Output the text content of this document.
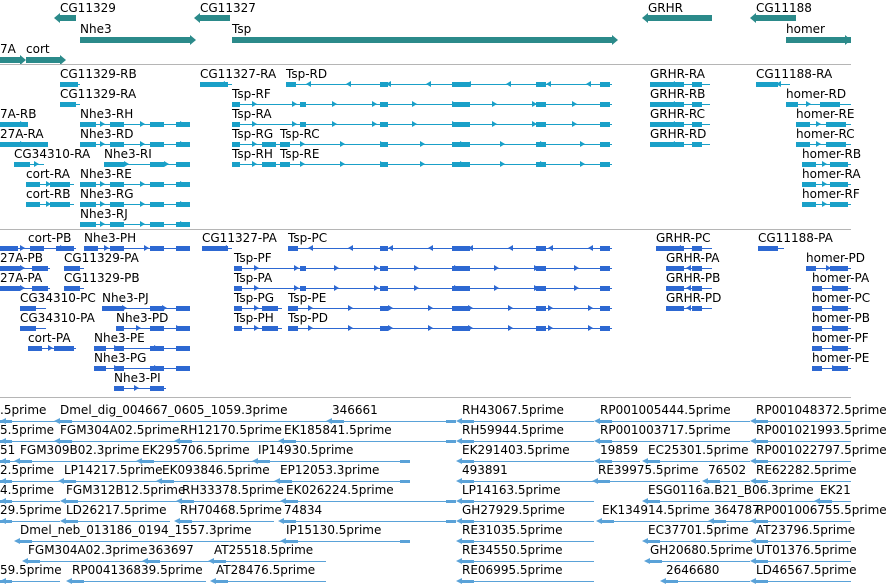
CG11329	CG11327	GRHR	CG11188
Nhe3	Tsp	homer
7A cort
CG11329-RB	CG11327-RA Tsp-RD	GRHR-RA	CG11188-RA
CG11329-RA	Tsp-RF	GRHR-RB	homer-RD
7A-RB	Nhe3-RH	Tsp-RA	GRHR-RC	homer-RE
27A-RA	Nhe3-RD	Tsp-RG Tsp-RC	GRHR-RD	homer-RC
CG34310-RA Nhe3-RI	Tsp-RH Tsp-RE	homer-RB
cort-RA Nhe3-RE	homer-RA
cort-RB Nhe3-RG	homer-RF
Nhe3-RJ
cort-PB Nhe3-PH	CG11327-PA Tsp-PC	GRHR-PC	CG11188-PA
27A-PB CG11329-PA	Tsp-PF	GRHR-PA	homer-PD
27A-PA CG11329-PB	Tsp-PA	GRHR-PB	homer-PA
CG34310-PC Nhe3-PJ	Tsp-PG Tsp-PE	GRHR-PD	homer-PC
CG34310-PA Nhe3-PD	Tsp-PH Tsp-PD	homer-PB
cort-PA Nhe3-PE	homer-PF
Nhe3-PG	homer-PE
Nhe3-PI
.5prime Dmel_dig_004667_0605_1059.3prime	346661	RH43067.5prime	RP001005444.5prime RP001048372.5prime
5.5prime FGM304A02.5prime RH12170.5prime EK185841.5prime	RH59944.5prime	RP001003717.5prime RP001021993.5prime
51 FGM309B02.3prime EK295706.5prime IP14930.5prime	EK291403.5prime	19859 EC25301.5prime RP001022797.5prime
2.5prime LP14217.5prime EK093846.5prime EP12053.3prime	493891	RE39975.5prime 76502 RE62282.5prime
4.5prime FGM312B12.5prime
RH33378.5prime EK026224.5prime	LP14163.5prime	ESG0116a.B21_B06.3prime EK21
29.5prime LD26217.5prime RH70468.5prime 74834	GH27929.5prime	EK134914.5prime 364787
RP001006755.5prime
Dmel_neb_013186_0194_1557.3prime	IP15130.5prime	RE31035.5prime	EC37701.5prime AT23796.5prime
FGM304A02.3prime 363697 AT25518.5prime	RE34550.5prime	GH20680.5prime UT01376.5prime
59.5prime RP004136839.5prime AT28476.5prime	RE06995.5prime	2646680	LD46567.5prime
